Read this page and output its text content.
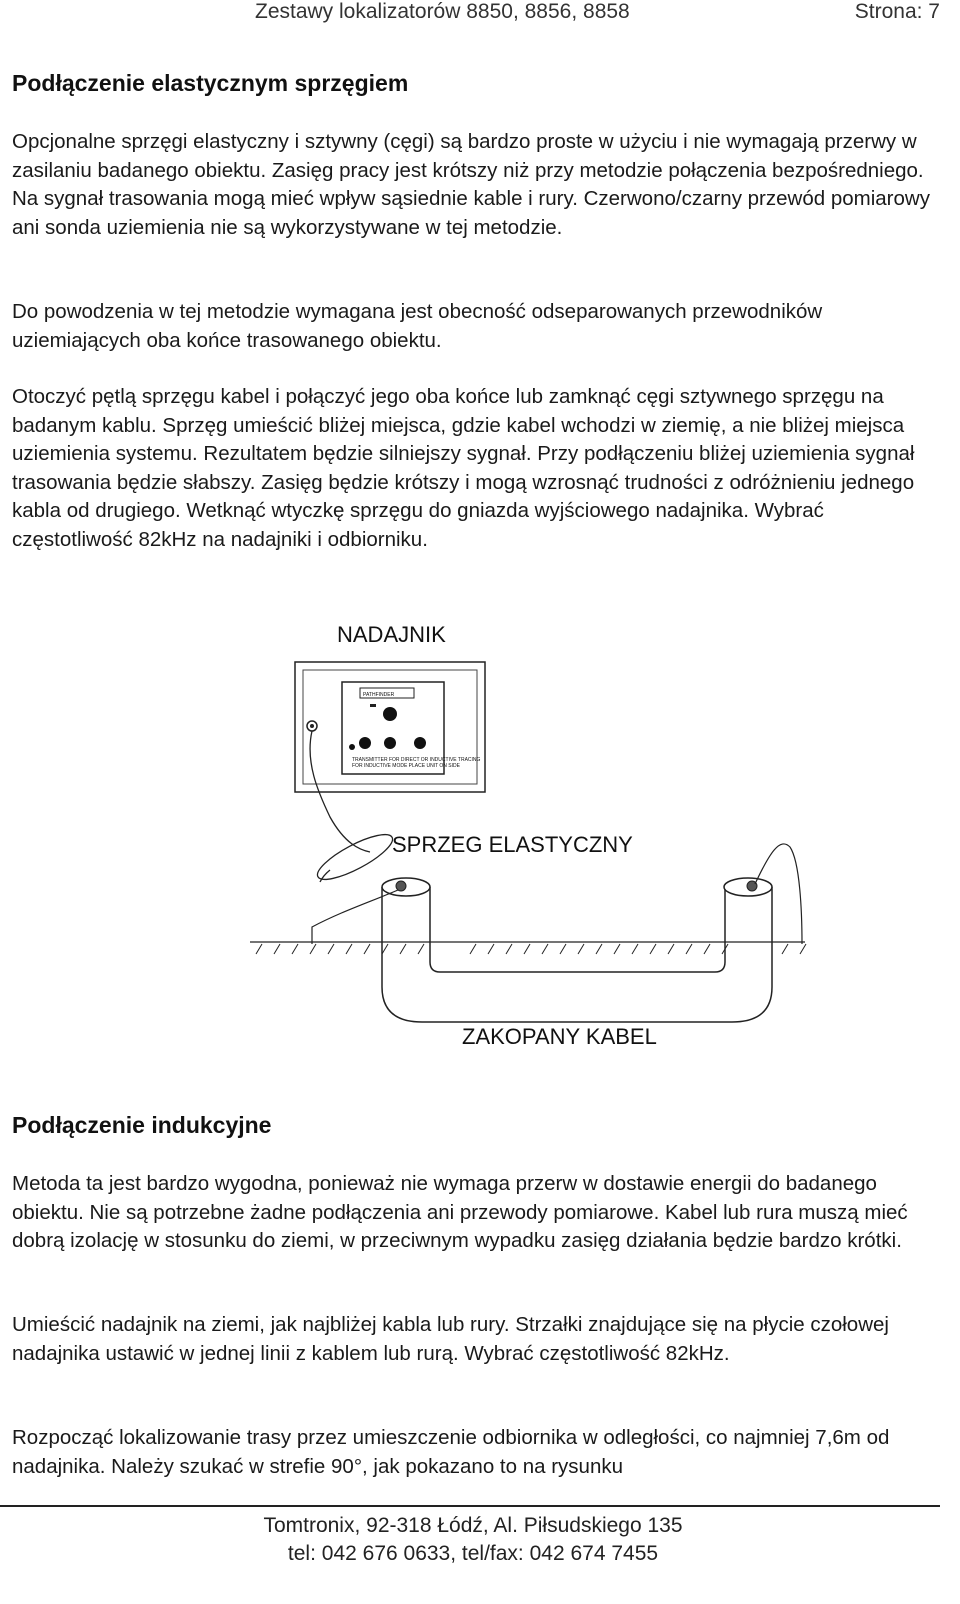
Zestawy lokalizatorów 8850, 8856, 8858	Strona: 7
Podłączenie elastycznym sprzęgiem

Opcjonalne sprzęgi elastyczny i sztywny (cęgi) są bardzo proste w użyciu i nie wymagają przerwy w zasilaniu badanego obiektu. Zasięg pracy jest krótszy niż przy metodzie połączenia bezpośredniego. Na sygnał trasowania mogą mieć wpływ sąsiednie kable i rury. Czerwono/czarny przewód pomiarowy ani sonda uziemienia nie są wykorzystywane w tej metodzie.

Do powodzenia w tej metodzie wymagana jest obecność odseparowanych przewodników uziemiających oba końce trasowanego obiektu.

Otoczyć pętlą sprzęgu kabel i połączyć jego oba końce lub zamknąć cęgi sztywnego sprzęgu na badanym kablu. Sprzęg umieścić bliżej miejsca, gdzie kabel wchodzi w ziemię, a nie bliżej miejsca uziemienia systemu. Rezultatem będzie silniejszy sygnał. Przy podłączeniu bliżej uziemienia sygnał trasowania będzie słabszy. Zasięg będzie krótszy i mogą wzrosnąć trudności z odróżnieniu jednego kabla od drugiego. Wetknąć wtyczkę sprzęgu do gniazda wyjściowego nadajnika. Wybrać częstotliwość 82kHz na nadajniki i odbiorniku.

NADAJNIK
PATHFINDER
TRANSMITTER FOR DIRECT OR INDUCTIVE TRACING
FOR INDUCTIVE MODE PLACE UNIT ON SIDE
SPRZEG ELASTYCZNY
ZAKOPANY KABEL
Podłączenie indukcyjne

Metoda ta jest bardzo wygodna, ponieważ nie wymaga przerw w dostawie energii do badanego obiektu. Nie są potrzebne żadne podłączenia ani przewody pomiarowe. Kabel lub rura muszą mieć dobrą izolację w stosunku do ziemi, w przeciwnym wypadku zasięg działania będzie bardzo krótki.

Umieścić nadajnik na ziemi, jak najbliżej kabla lub rury. Strzałki znajdujące się na płycie czołowej nadajnika ustawić w jednej linii z kablem lub rurą. Wybrać częstotliwość 82kHz.

Rozpocząć lokalizowanie trasy przez umieszczenie odbiornika w odległości, co najmniej 7,6m od nadajnika. Należy szukać w strefie 90°, jak pokazano to na rysunku

Tomtronix, 92-318 Łódź, Al. Piłsudskiego 135
tel: 042 676 0633, tel/fax: 042 674 7455
